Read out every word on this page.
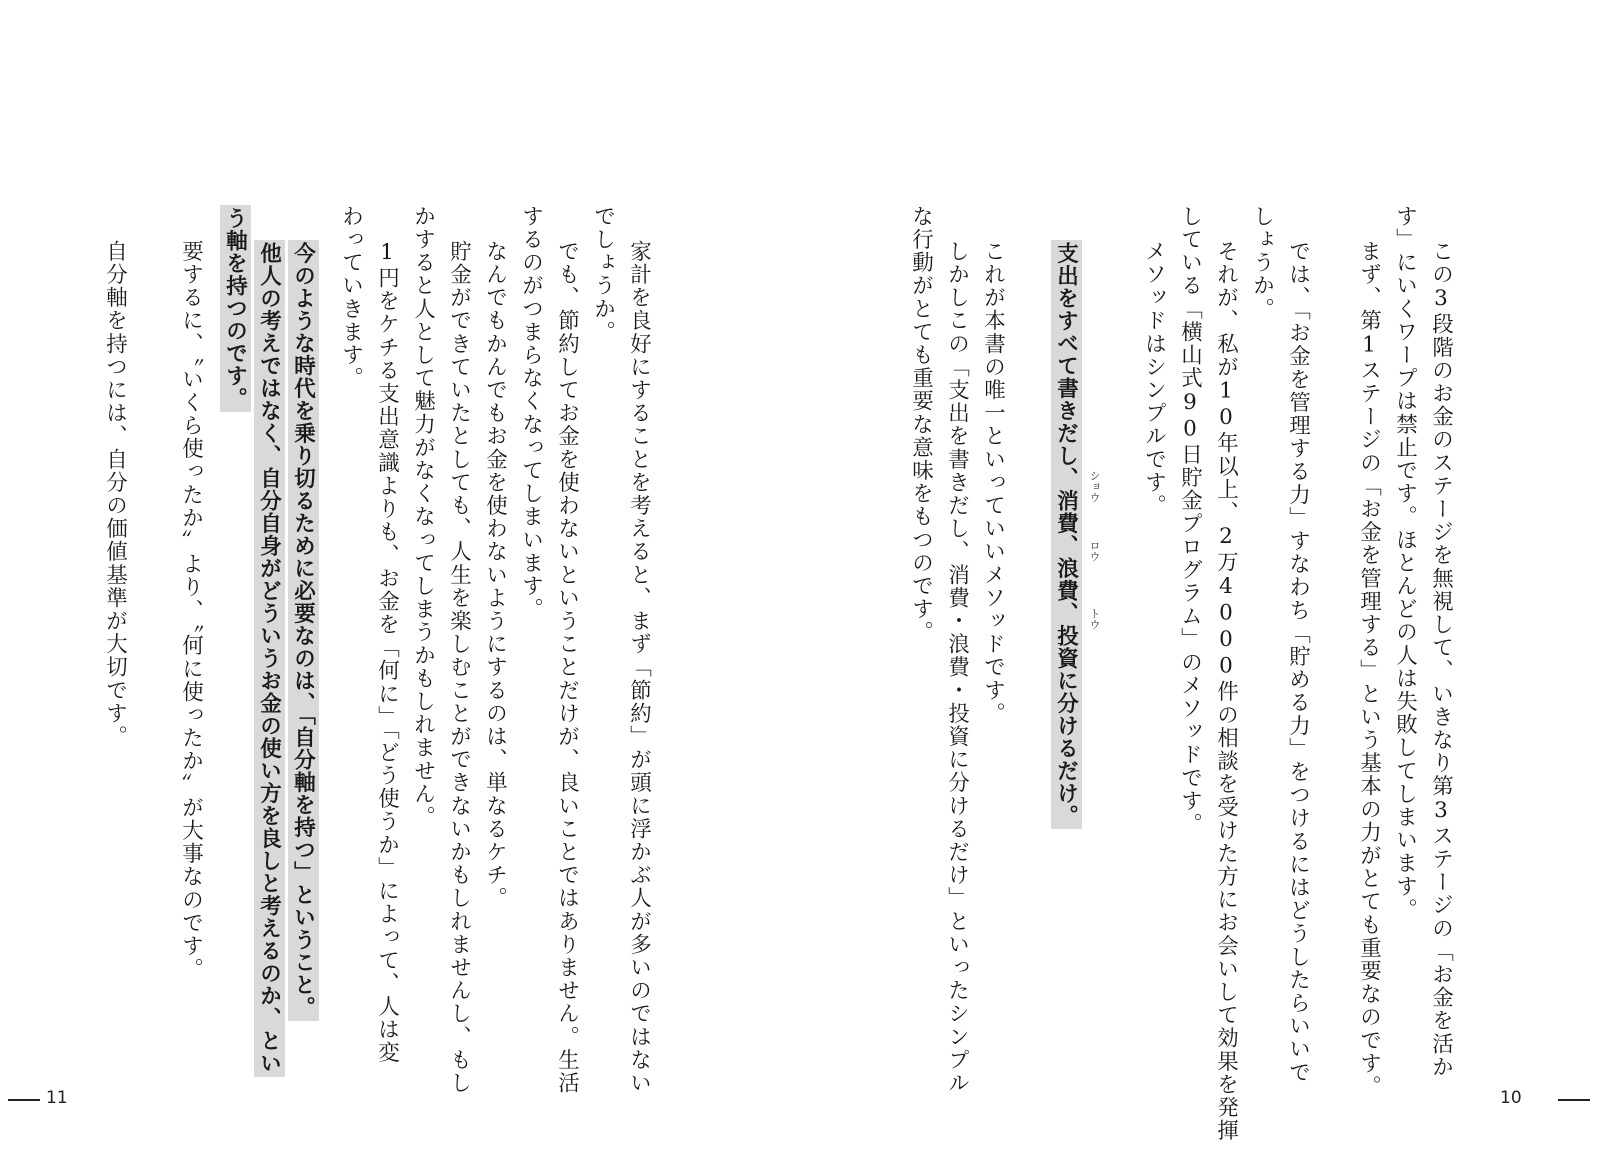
この3段階のお金のステージを無視して、いきなり第3ステージの「お金を活か
す」にいくワープは禁止です。ほとんどの人は失敗してしまいます。
まず、第1ステージの「お金を管理する」という基本の力がとても重要なのです。
では、「お金を管理する力」すなわち「貯める力」をつけるにはどうしたらいいで
しょうか。
それが、私が10年以上、2万4000件の相談を受けた方にお会いして効果を発揮
している「横山式90日貯金プログラム」のメソッドです。
メソッドはシンプルです。
支出をすべて書きだし、消費、浪費、投資に分けるだけ。 ショウ
ロウ
トウ
これが本書の唯一といっていいメソッドです。
しかしこの「支出を書きだし、消費・浪費・投資に分けるだけ」といったシンプル
な行動がとても重要な意味をもつのです。
10
家計を良好にすることを考えると、まず「節約」が頭に浮かぶ人が多いのではない
でしょうか。
でも、節約してお金を使わないということだけが、良いことではありません。生活
するのがつまらなくなってしまいます。
なんでもかんでもお金を使わないようにするのは、単なるケチ。
貯金ができていたとしても、人生を楽しむことができないかもしれませんし、もし
かすると人として魅力がなくなってしまうかもしれません。
1円をケチる支出意識よりも、お金を「何に」「どう使うか」によって、人は変
わっていきます。
今のような時代を乗り切るために必要なのは、「自分軸を持つ」ということ。
他人の考えではなく、自分自身がどういうお金の使い方を良しと考えるのか、とい
う軸を持つのです。
要するに、〝いくら使ったか〞より、〝何に使ったか〞が大事なのです。
自分軸を持つには、自分の価値基準が大切です。
11
